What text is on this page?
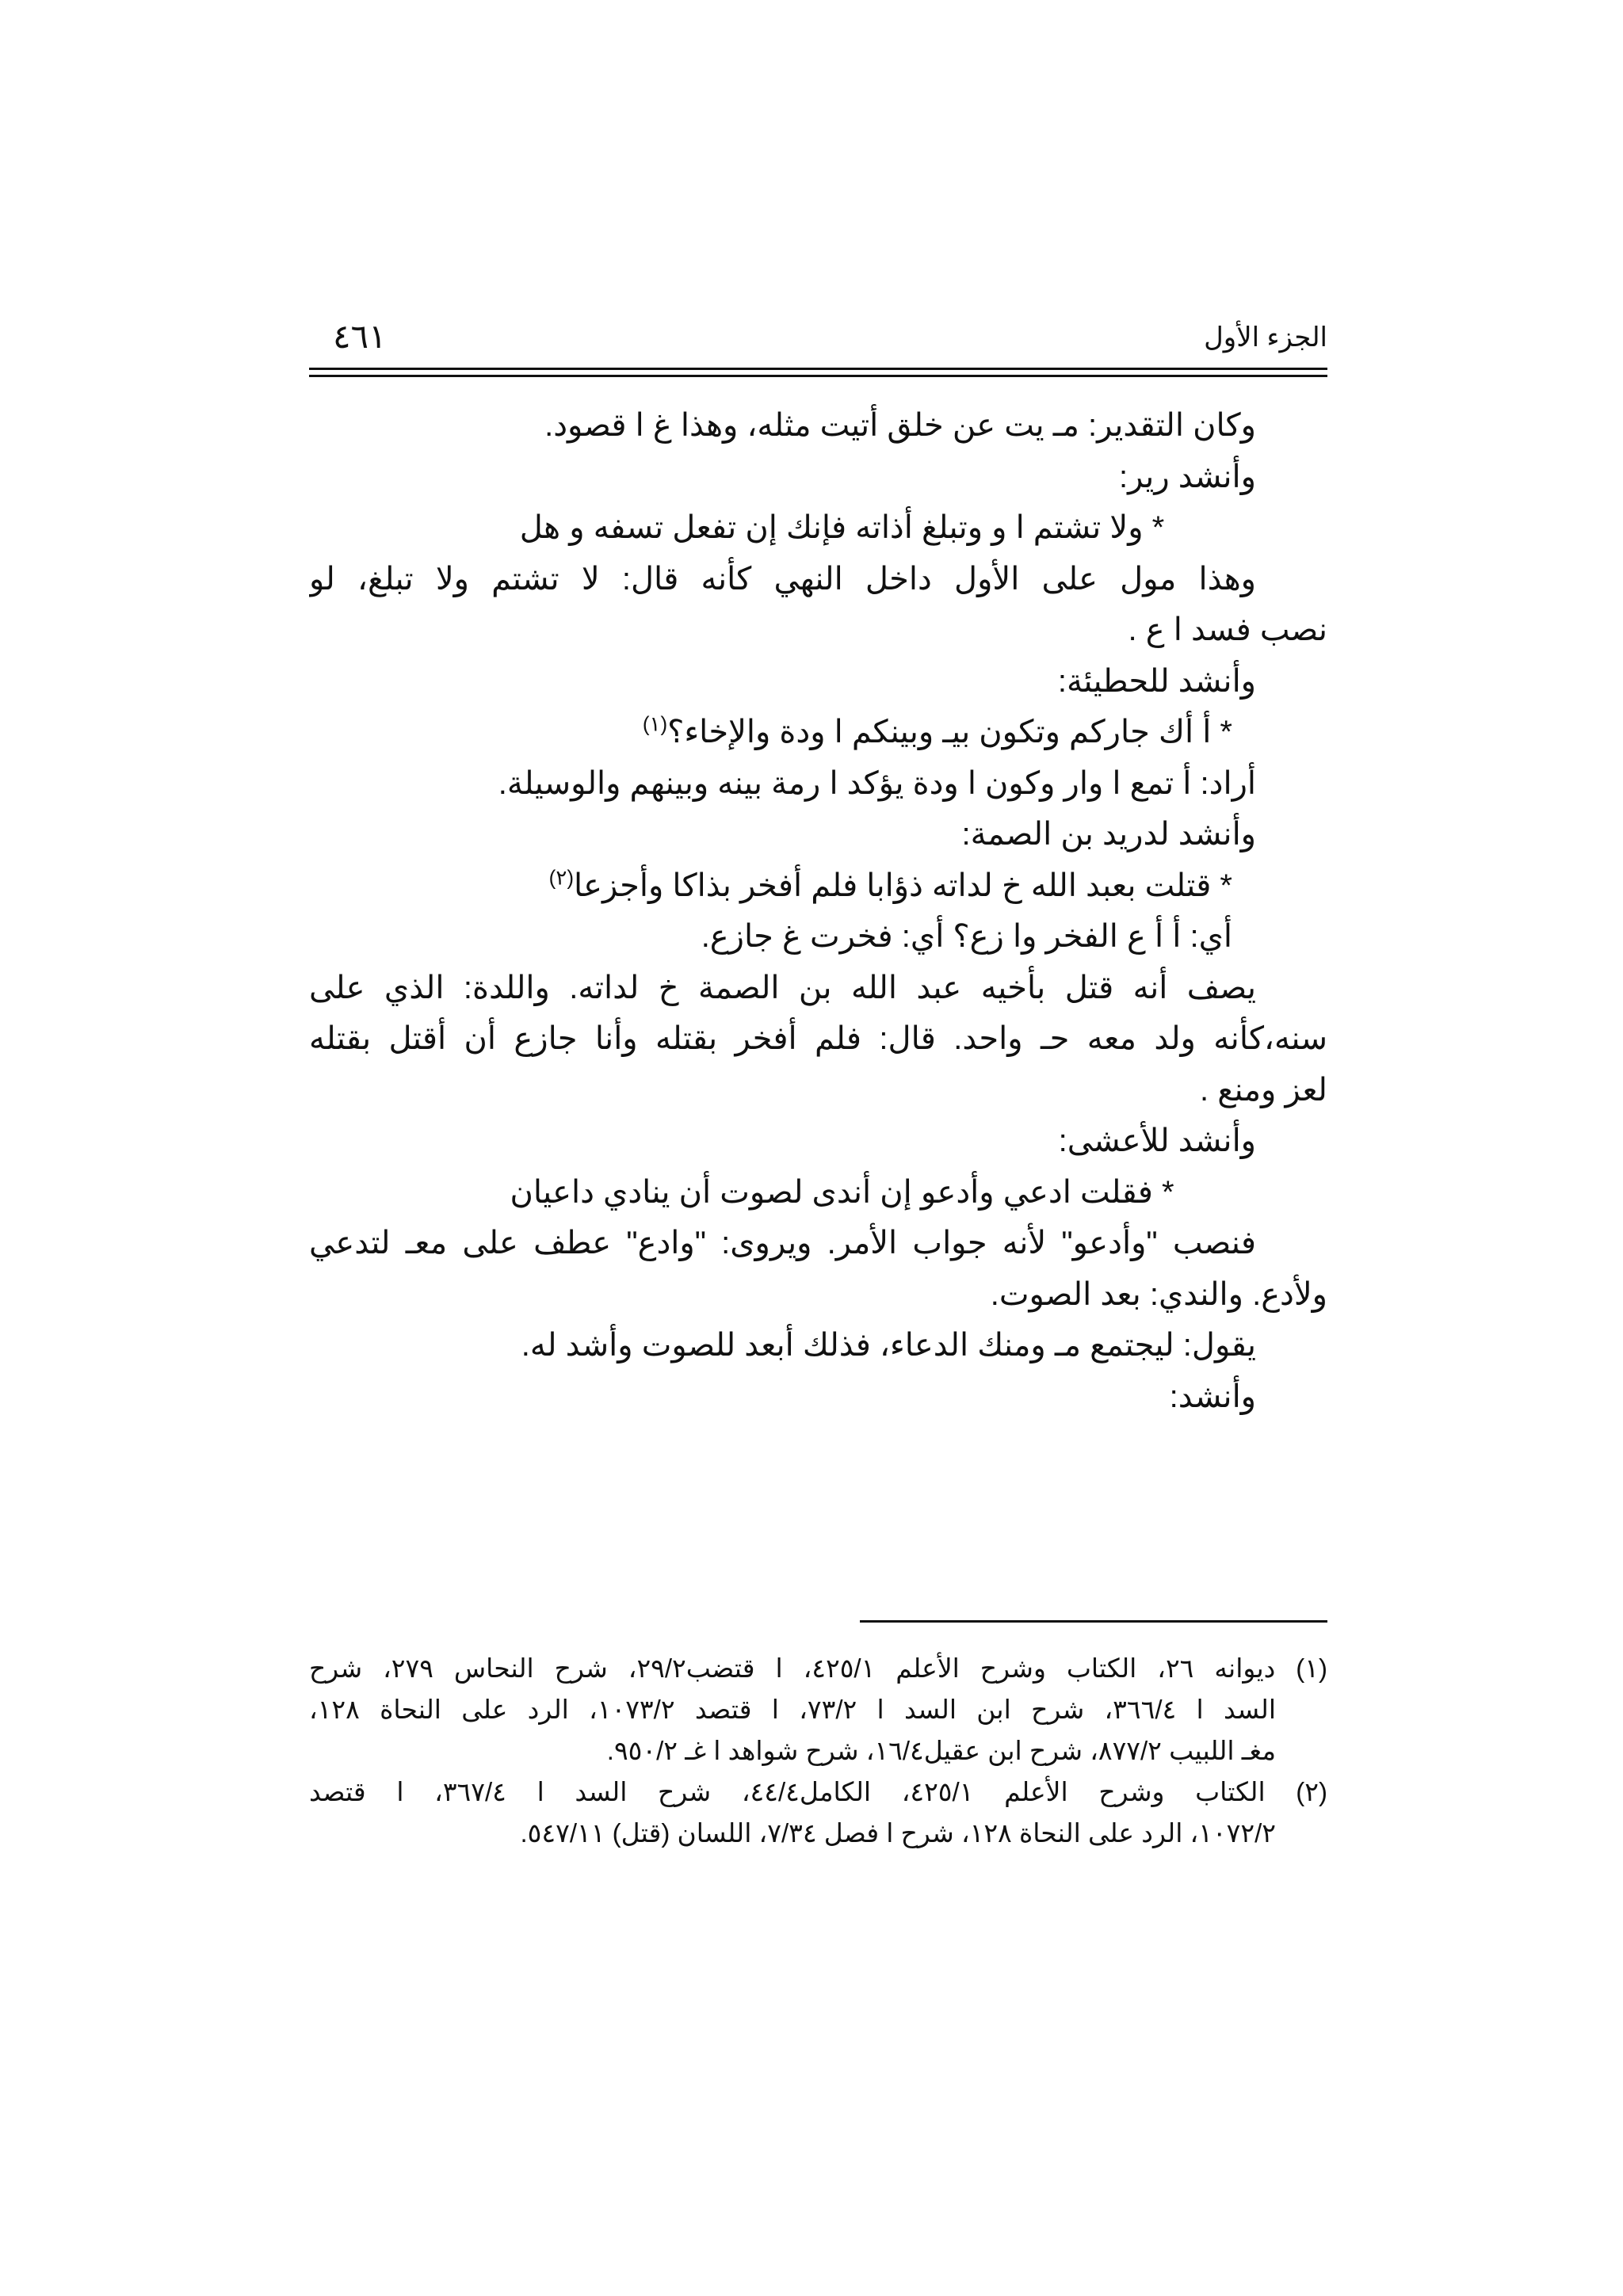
الجزء الأول
٤٦١
وكان التقدير: مـ يت عن خلق أتيت مثله، وهذا غ ا قصود.
وأنشد رير:
* ولا تشتم ا و وتبلغ أذاته فإنك إن تفعل تسفه و هل
وهذا مول على الأول داخل النهي كأنه قال: لا تشتم ولا تبلغ، لو
نصب فسد ا ع .
وأنشد للحطيئة:
* أ أك جاركم وتكون بيـ وبينكم ا ودة والإخاء؟$^{(١)}$
أراد: أ تمع ا وار وكون ا ودة يؤكد ا رمة بينه وبينهم والوسيلة.
وأنشد لدريد بن الصمة:
* قتلت بعبد الله خ لداته ذؤابا فلم أفخر بذاكا وأجزعا$^{(٢)}$
أي: أ أ ع الفخر وا زع؟ أي: فخرت غ جازع.
يصف أنه قتل بأخيه عبد الله بن الصمة خ لداته. واللدة: الذي على
سنه،كأنه ولد معه حـ واحد. قال: فلم أفخر بقتله وأنا جازع أن أقتل بقتله
لعز ومنع .
وأنشد للأعشى:
* فقلت ادعي وأدعو إن أندى لصوت أن ينادي داعيان
فنصب "وأدعو" لأنه جواب الأمر. ويروى: "وادع" عطف على معـ لتدعي
ولأدع. والندي: بعد الصوت.
يقول: ليجتمع مـ ومنك الدعاء، فذلك أبعد للصوت وأشد له.
وأنشد:
(١) ديوانه ٢٦، الكتاب وشرح الأعلم ٤٢٥/١، ا قتضب٢٩/٢، شرح النحاس ٢٧٩، شرح
السد ا ٣٦٦/٤، شرح ابن السد ا ٧٣/٢، ا قتصد ١٠٧٣/٢، الرد على النحاة ١٢٨،
مغـ اللبيب ٨٧٧/٢، شرح ابن عقيل١٦/٤، شرح شواهد ا غـ ٩٥٠/٢.
(٢) الكتاب وشرح الأعلم ٤٢٥/١، الكامل٤٤/٤، شرح السد ا ٣٦٧/٤، ا قتصد
١٠٧٢/٢، الرد على النحاة ١٢٨، شرح ا فصل ٧/٣٤، اللسان (قتل) ٥٤٧/١١.
